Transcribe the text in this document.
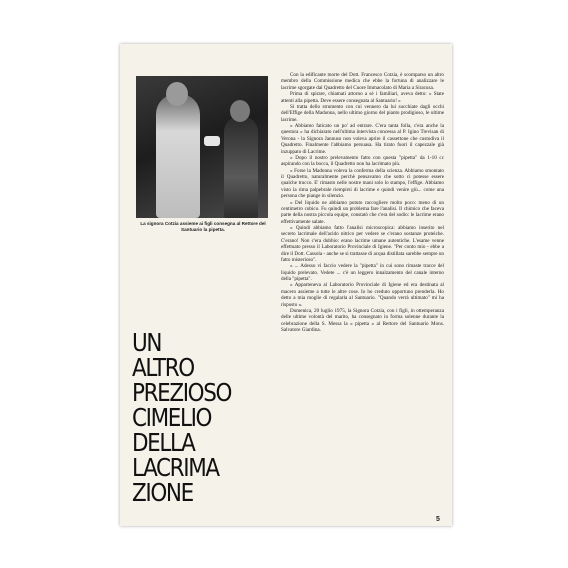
La signora Cotzia assieme ai figli consegna al Rettore del Santuario la pipetta.

UN
ALTRO
PREZIOSO
CIMELIO
DELLA
LACRIMA
ZIONE

Con la edificante morte del Dott. Francesco Cotzia, è scomparso un altro membro della Commissione medica che ebbe la fortuna di analizzare le lacrime sgorgate dal Quadretto del Cuore Immacolato di Maria a Siracusa.

Prima di spirare, chiamati attorno a sè i familiari, aveva detto: « State attenti alla pipetta. Deve essere consegnata al Santuario! »

Si tratta dello strumento con cui vennero da lui succhiate dagli occhi dell'Effige della Madonna, nello ultimo giorno del pianto prodigioso, le ultime lacrime.

« Abbiamo faticato un po' ad entrare. C'era tanta folla, c'era anche la questura » ha dichiarato nell'ultima intervista concessa al P. Igino Trevisan di Verona - la Signora Jannuso non voleva aprire il cassettone che custodiva il Quadretto. Finalmente l'abbiamo persuasa. Ha tirato fuori il capezzale già inzuppato di Lacrime.

« Dopo il nostro prelevamento fatto con questa "pipetta" da 1-10 cc aspirando con la bocca, il Quadretto non ha lacrimato più.

« Forse la Madonna voleva la conferma della scienza. Abbiamo smontato il Quadretto, naturalmente perchè pensavamo che sotto ci potesse essere qualche trucco. E' rimasto nelle nostre mani solo lo stampo, l'effige. Abbiamo visto la rima palpebrale riempirsi di lacrime e quindi venire giù... come una persona che piange in silenzio.

« Del liquido ne abbiamo potuto raccogliere molto poco: meno di un centimetro cubico. Fu quindi un problema fare l'analisi. Il chimico che faceva parte della nostra piccola equipe, constatò che c'era del sodio: le lacrime erano effettivamente salate.

« Quindi abbiamo fatto l'analisi microscopica: abbiamo inserito nel secreto lacrimale dell'acido nitrico per vedere se c'erano sostanze proteiche. C'erano! Non c'era dubbio: erano lacrime umane autentiche. L'esame venne effettuato presso il Laboratorio Provinciale di Igiene. "Per conto mio - ebbe a dire il Dott. Cassola - anche se si trattasse di acqua distillata sarebbe sempre un fatto misterioso".

« ... Adesso vi faccio vedere la "pipetta" in cui sono rimaste tracce del liquido prelevato. Vedete ... c'è un leggero innalzamento del canale interno della "pipetta".

« Apparteneva al Laboratorio Provinciale di Igiene ed era destinata al macero assieme a tutte le altre cose. Io ho creduto opportuno prenderla. Ho detto a mia moglie di regalarla al Santuario. "Quando verrà ultimato" mi ha risposto ».

Domenica, 20 luglio 1975, la Signora Cotzia, con i figli, in ottemperanza delle ultime volontà del marito, ha consegnato in forma solenne durante la celebrazione della S. Messa la « pipetta » al Rettore del Santuario Mons. Salvatore Giardina.

5
